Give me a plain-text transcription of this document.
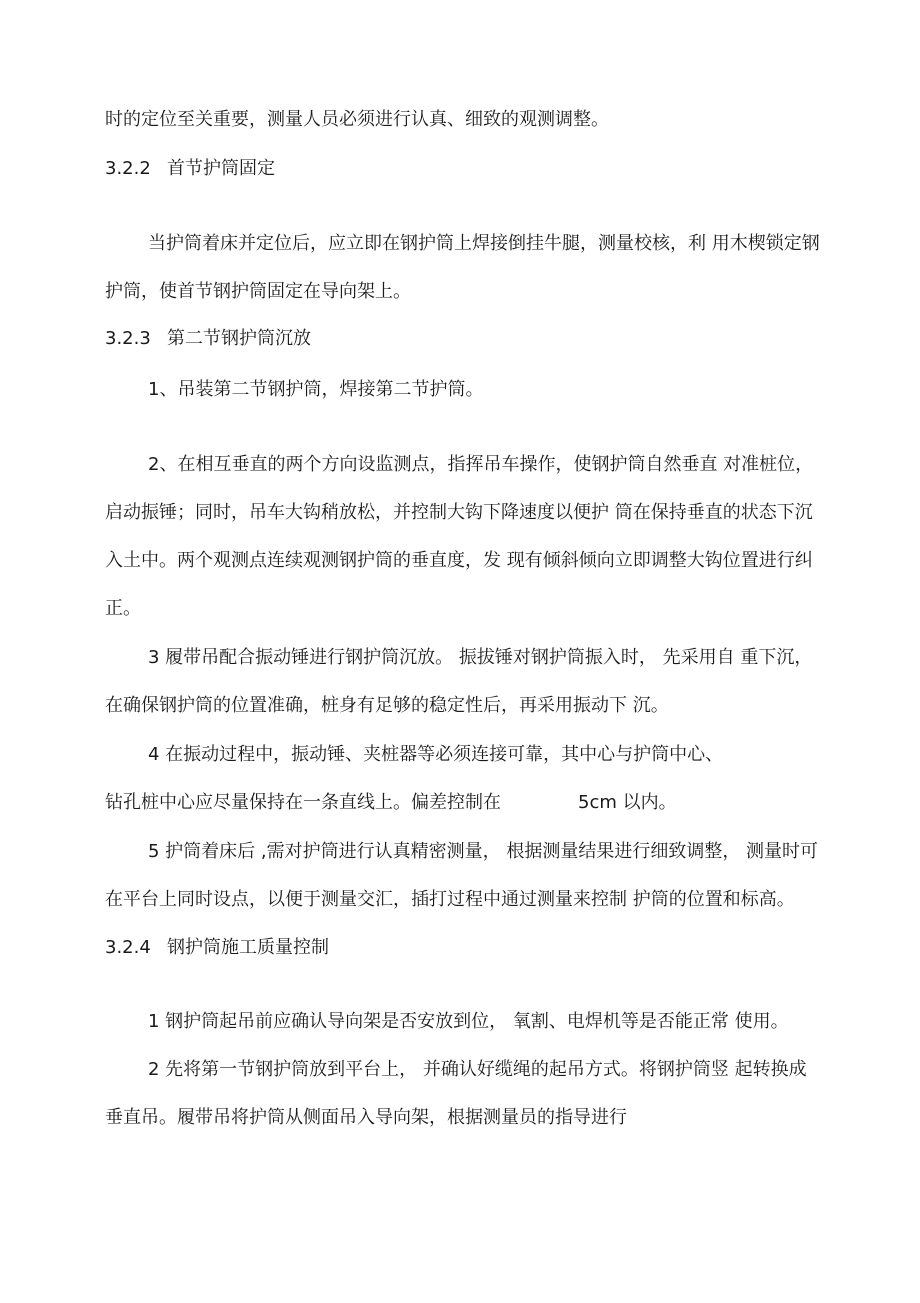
时的定位至关重要，测量人员必须进行认真、细致的观测调整。
3.2.2 首节护筒固定
当护筒着床并定位后，应立即在钢护筒上焊接倒挂牛腿，测量校核，利 用木楔锁定钢
护筒，使首节钢护筒固定在导向架上。
3.2.3 第二节钢护筒沉放
1、吊装第二节钢护筒，焊接第二节护筒。
2、在相互垂直的两个方向设监测点，指挥吊车操作，使钢护筒自然垂直 对准桩位，
启动振锤；同时，吊车大钩稍放松，并控制大钩下降速度以便护 筒在保持垂直的状态下沉
入土中。两个观测点连续观测钢护筒的垂直度，发 现有倾斜倾向立即调整大钩位置进行纠
正。
3 履带吊配合振动锤进行钢护筒沉放。 振拔锤对钢护筒振入时， 先采用自 重下沉，
在确保钢护筒的位置准确，桩身有足够的稳定性后，再采用振动下 沉。
4 在振动过程中，振动锤、夹桩器等必须连接可靠，其中心与护筒中心、
钻孔桩中心应尽量保持在一条直线上。偏差控制在	5cm 以内。
5 护筒着床后 ,需对护筒进行认真精密测量， 根据测量结果进行细致调整， 测量时可
在平台上同时设点，以便于测量交汇，插打过程中通过测量来控制 护筒的位置和标高。
3.2.4 钢护筒施工质量控制
1 钢护筒起吊前应确认导向架是否安放到位， 氧割、电焊机等是否能正常 使用。
2 先将第一节钢护筒放到平台上， 并确认好缆绳的起吊方式。将钢护筒竖 起转换成
垂直吊。履带吊将护筒从侧面吊入导向架，根据测量员的指导进行
